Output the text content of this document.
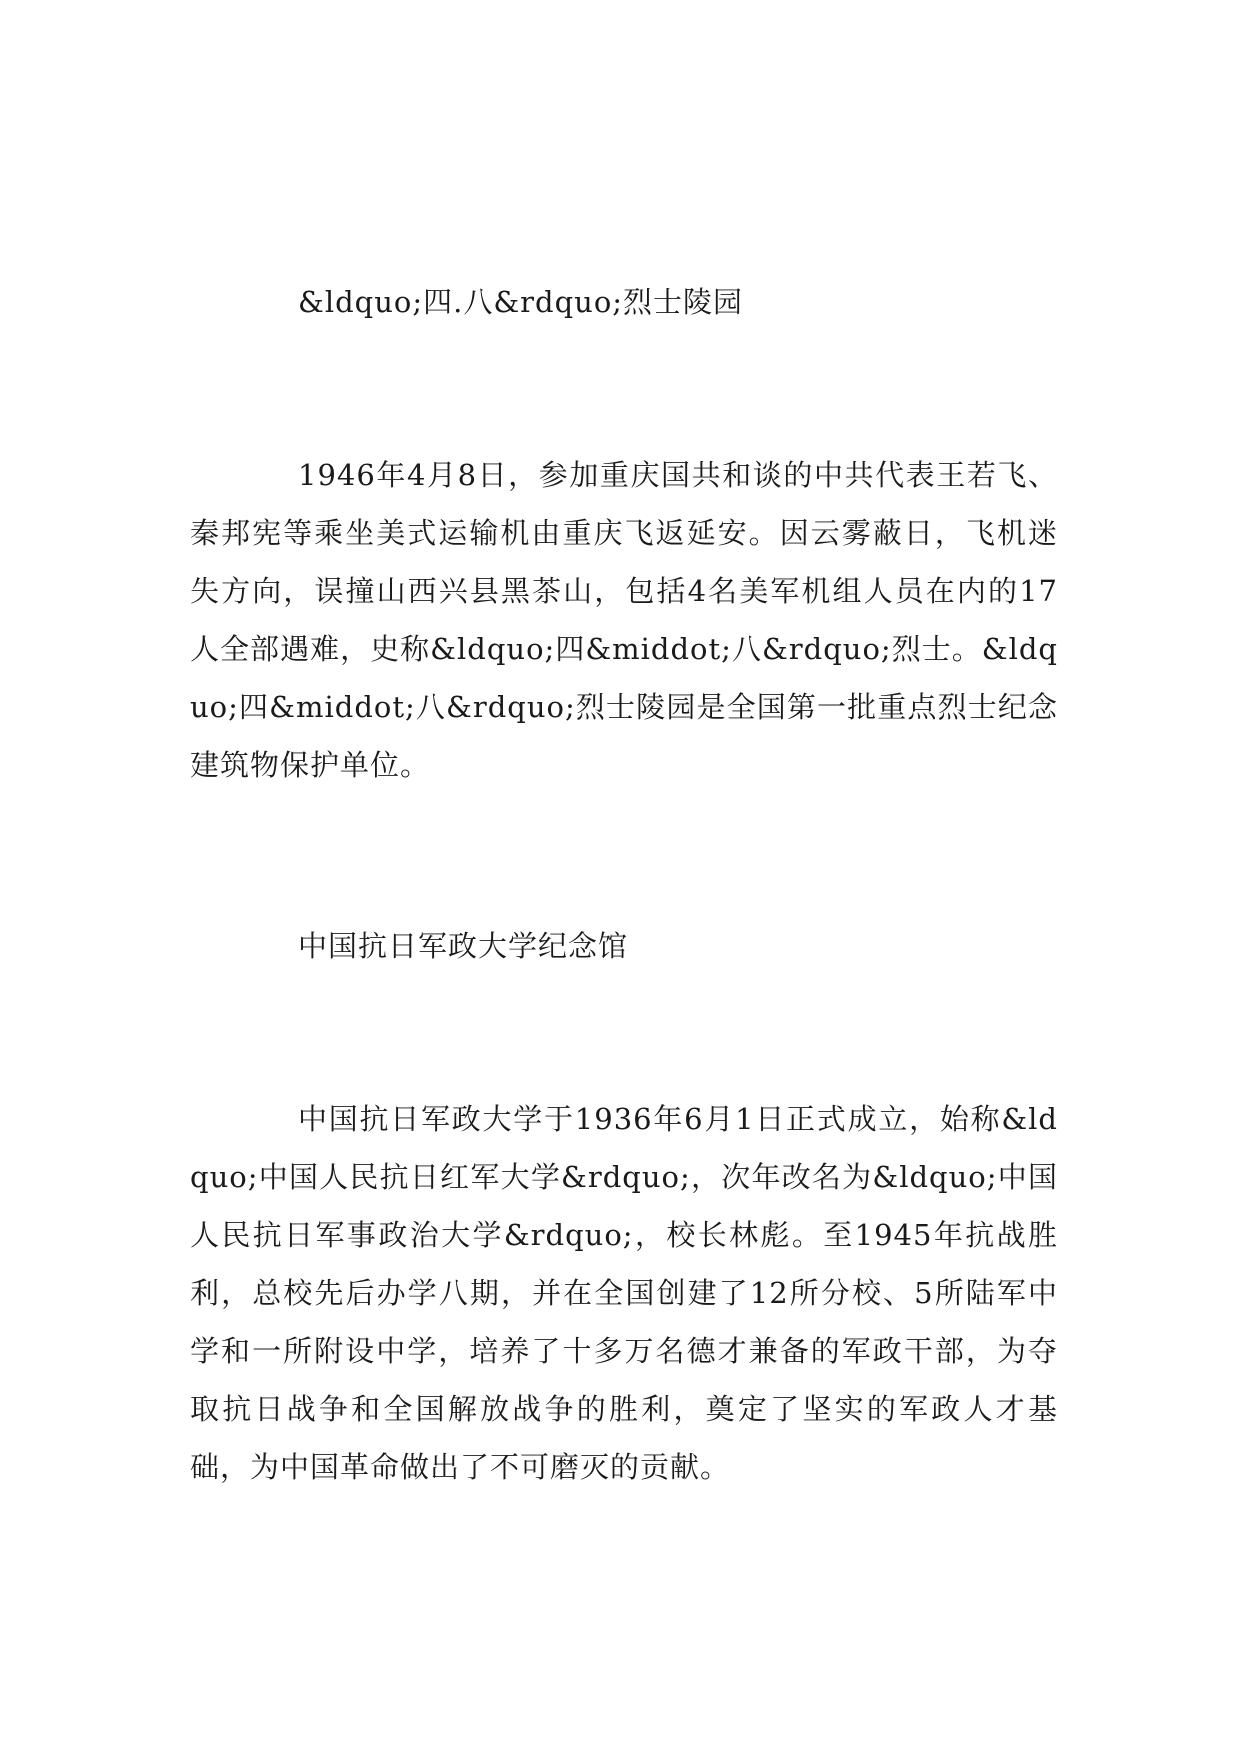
&ldquo;四.八&rdquo;烈士陵园

1946年4月8日，参加重庆国共和谈的中共代表王若飞、秦邦宪等乘坐美式运输机由重庆飞返延安。因云雾蔽日，飞机迷失方向，误撞山西兴县黑茶山，包括4名美军机组人员在内的17人全部遇难，史称&ldquo;四&middot;八&rdquo;烈士。&ldquo;四&middot;八&rdquo;烈士陵园是全国第一批重点烈士纪念建筑物保护单位。

中国抗日军政大学纪念馆

中国抗日军政大学于1936年6月1日正式成立，始称&ldquo;中国人民抗日红军大学&rdquo;，次年改名为&ldquo;中国人民抗日军事政治大学&rdquo;，校长林彪。至1945年抗战胜利，总校先后办学八期，并在全国创建了12所分校、5所陆军中学和一所附设中学，培养了十多万名德才兼备的军政干部，为夺取抗日战争和全国解放战争的胜利，奠定了坚实的军政人才基础，为中国革命做出了不可磨灭的贡献。
